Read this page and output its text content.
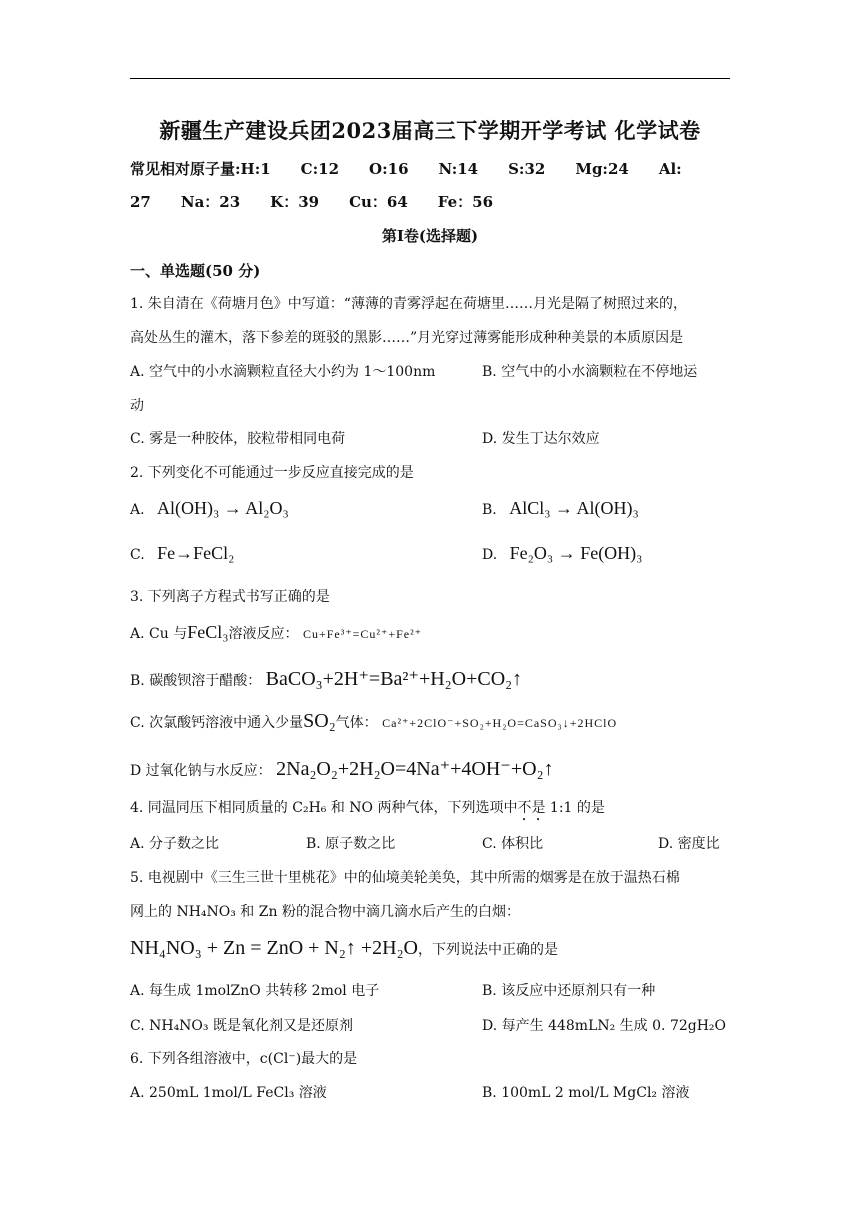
新疆生产建设兵团2023届高三下学期开学考试 化学试卷
常见相对原子量:H:1　　C:12　　O:16　　N:14　　S:32　　Mg:24　　Al:
27　　Na：23　　K：39　　Cu：64　　Fe：56
第I卷(选择题)
一、单选题(50 分)
1. 朱自清在《荷塘月色》中写道：“薄薄的青雾浮起在荷塘里……月光是隔了树照过来的，
高处丛生的灌木，落下参差的斑驳的黑影……”月光穿过薄雾能形成种种美景的本质原因是
A. 空气中的小水滴颗粒直径大小约为 1～100nm	B. 空气中的小水滴颗粒在不停地运
动
C. 雾是一种胶体，胶粒带相同电荷	D. 发生丁达尔效应
2. 下列变化不可能通过一步反应直接完成的是
A. Al(OH)₃ → Al₂O₃	B. AlCl₃ → Al(OH)₃
C. Fe→FeCl₂	D. Fe₂O₃ → Fe(OH)₃
3. 下列离子方程式书写正确的是
A. Cu 与FeCl₃溶液反应： Cu+Fe³⁺=Cu²⁺+Fe²⁺
B. 碳酸钡溶于醋酸： BaCO₃+2H⁺=Ba²⁺+H₂O+CO₂↑
C. 次氯酸钙溶液中通入少量SO₂气体： Ca²⁺+2ClO⁻+SO₂+H₂O=CaSO₃↓+2HClO
D 过氧化钠与水反应： 2Na₂O₂+2H₂O=4Na⁺+4OH⁻+O₂↑
4. 同温同压下相同质量的 C₂H₆ 和 NO 两种气体，下列选项中不是 1:1 的是
A. 分子数之比	B. 原子数之比	C. 体积比	D. 密度比
5. 电视剧中《三生三世十里桃花》中的仙境美轮美奂，其中所需的烟雾是在放于温热石棉
网上的 NH₄NO₃ 和 Zn 粉的混合物中滴几滴水后产生的白烟：
NH₄NO₃ + Zn = ZnO + N₂↑ +2H₂O，下列说法中正确的是
A. 每生成 1molZnO 共转移 2mol 电子	B. 该反应中还原剂只有一种
C. NH₄NO₃ 既是氧化剂又是还原剂	D. 每产生 448mLN₂ 生成 0. 72gH₂O
6. 下列各组溶液中，c(Cl⁻)最大的是
A. 250mL 1mol/L FeCl₃ 溶液	B. 100mL 2 mol/L MgCl₂ 溶液
